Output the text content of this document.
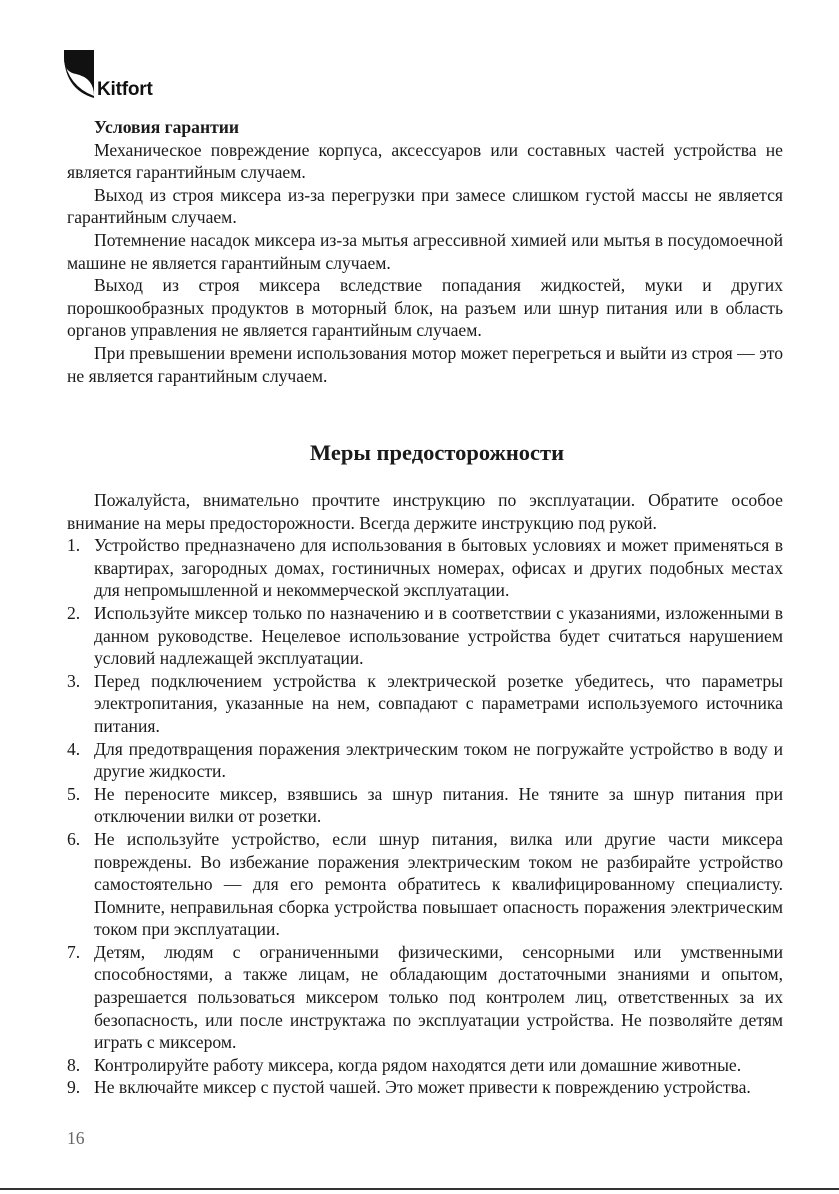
Kitfort
Условия гарантии

Механическое повреждение корпуса, аксессуаров или составных частей устройства не является гарантийным случаем.

Выход из строя миксера из-за перегрузки при замесе слишком густой массы не является гарантийным случаем.

Потемнение насадок миксера из-за мытья агрессивной химией или мытья в посудомоечной машине не является гарантийным случаем.

Выход из строя миксера вследствие попадания жидкостей, муки и других порошкообразных продуктов в моторный блок, на разъем или шнур питания или в область органов управления не является гарантийным случаем.

При превышении времени использования мотор может перегреться и выйти из строя — это не является гарантийным случаем.

Меры предосторожности

Пожалуйста, внимательно прочтите инструкцию по эксплуатации. Обратите особое внимание на меры предосторожности. Всегда держите инструкцию под рукой.

1. Устройство предназначено для использования в бытовых условиях и может применяться в квартирах, загородных домах, гостиничных номерах, офисах и других подобных местах для непромышленной и некоммерческой эксплуатации.
2. Используйте миксер только по назначению и в соответствии с указаниями, изложенными в данном руководстве. Нецелевое использование устройства будет считаться нарушением условий надлежащей эксплуатации.
3. Перед подключением устройства к электрической розетке убедитесь, что параметры электропитания, указанные на нем, совпадают с параметрами используемого источника питания.
4. Для предотвращения поражения электрическим током не погружайте устройство в воду и другие жидкости.
5. Не переносите миксер, взявшись за шнур питания. Не тяните за шнур питания при отключении вилки от розетки.
6. Не используйте устройство, если шнур питания, вилка или другие части миксера повреждены. Во избежание поражения электрическим током не разбирайте устройство самостоятельно — для его ремонта обратитесь к квалифицированному специалисту. Помните, неправильная сборка устройства повышает опасность поражения электрическим током при эксплуатации.
7. Детям, людям с ограниченными физическими, сенсорными или умственными способностями, а также лицам, не обладающим достаточными знаниями и опытом, разрешается пользоваться миксером только под контролем лиц, ответственных за их безопасность, или после инструктажа по эксплуатации устройства. Не позволяйте детям играть с миксером.
8. Контролируйте работу миксера, когда рядом находятся дети или домашние животные.
9. Не включайте миксер с пустой чашей. Это может привести к повреждению устройства.
16
